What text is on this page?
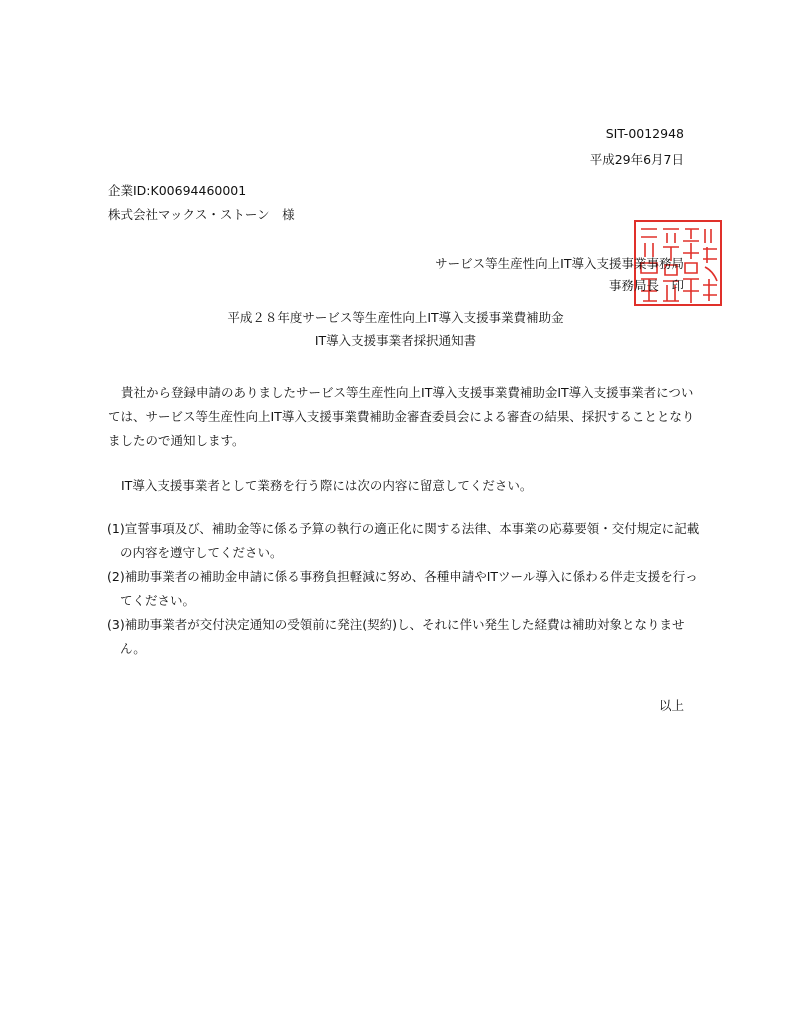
SIT-0012948
平成29年6月7日
企業ID:K00694460001
株式会社マックス・ストーン　様
サービス等生産性向上IT導入支援事業事務局
事務局長　印
平成２８年度サービス等生産性向上IT導入支援事業費補助金
IT導入支援事業者採択通知書
貴社から登録申請のありましたサービス等生産性向上IT導入支援事業費補助金IT導入支援事業者については、サービス等生産性向上IT導入支援事業費補助金審査委員会による審査の結果、採択することとなりましたので通知します。
IT導入支援事業者として業務を行う際には次の内容に留意してください。
(1)宣誓事項及び、補助金等に係る予算の執行の適正化に関する法律、本事業の応募要領・交付規定に記載の内容を遵守してください。
(2)補助事業者の補助金申請に係る事務負担軽減に努め、各種申請やITツール導入に係わる伴走支援を行ってください。
(3)補助事業者が交付決定通知の受領前に発注(契約)し、それに伴い発生した経費は補助対象となりません。
以上
